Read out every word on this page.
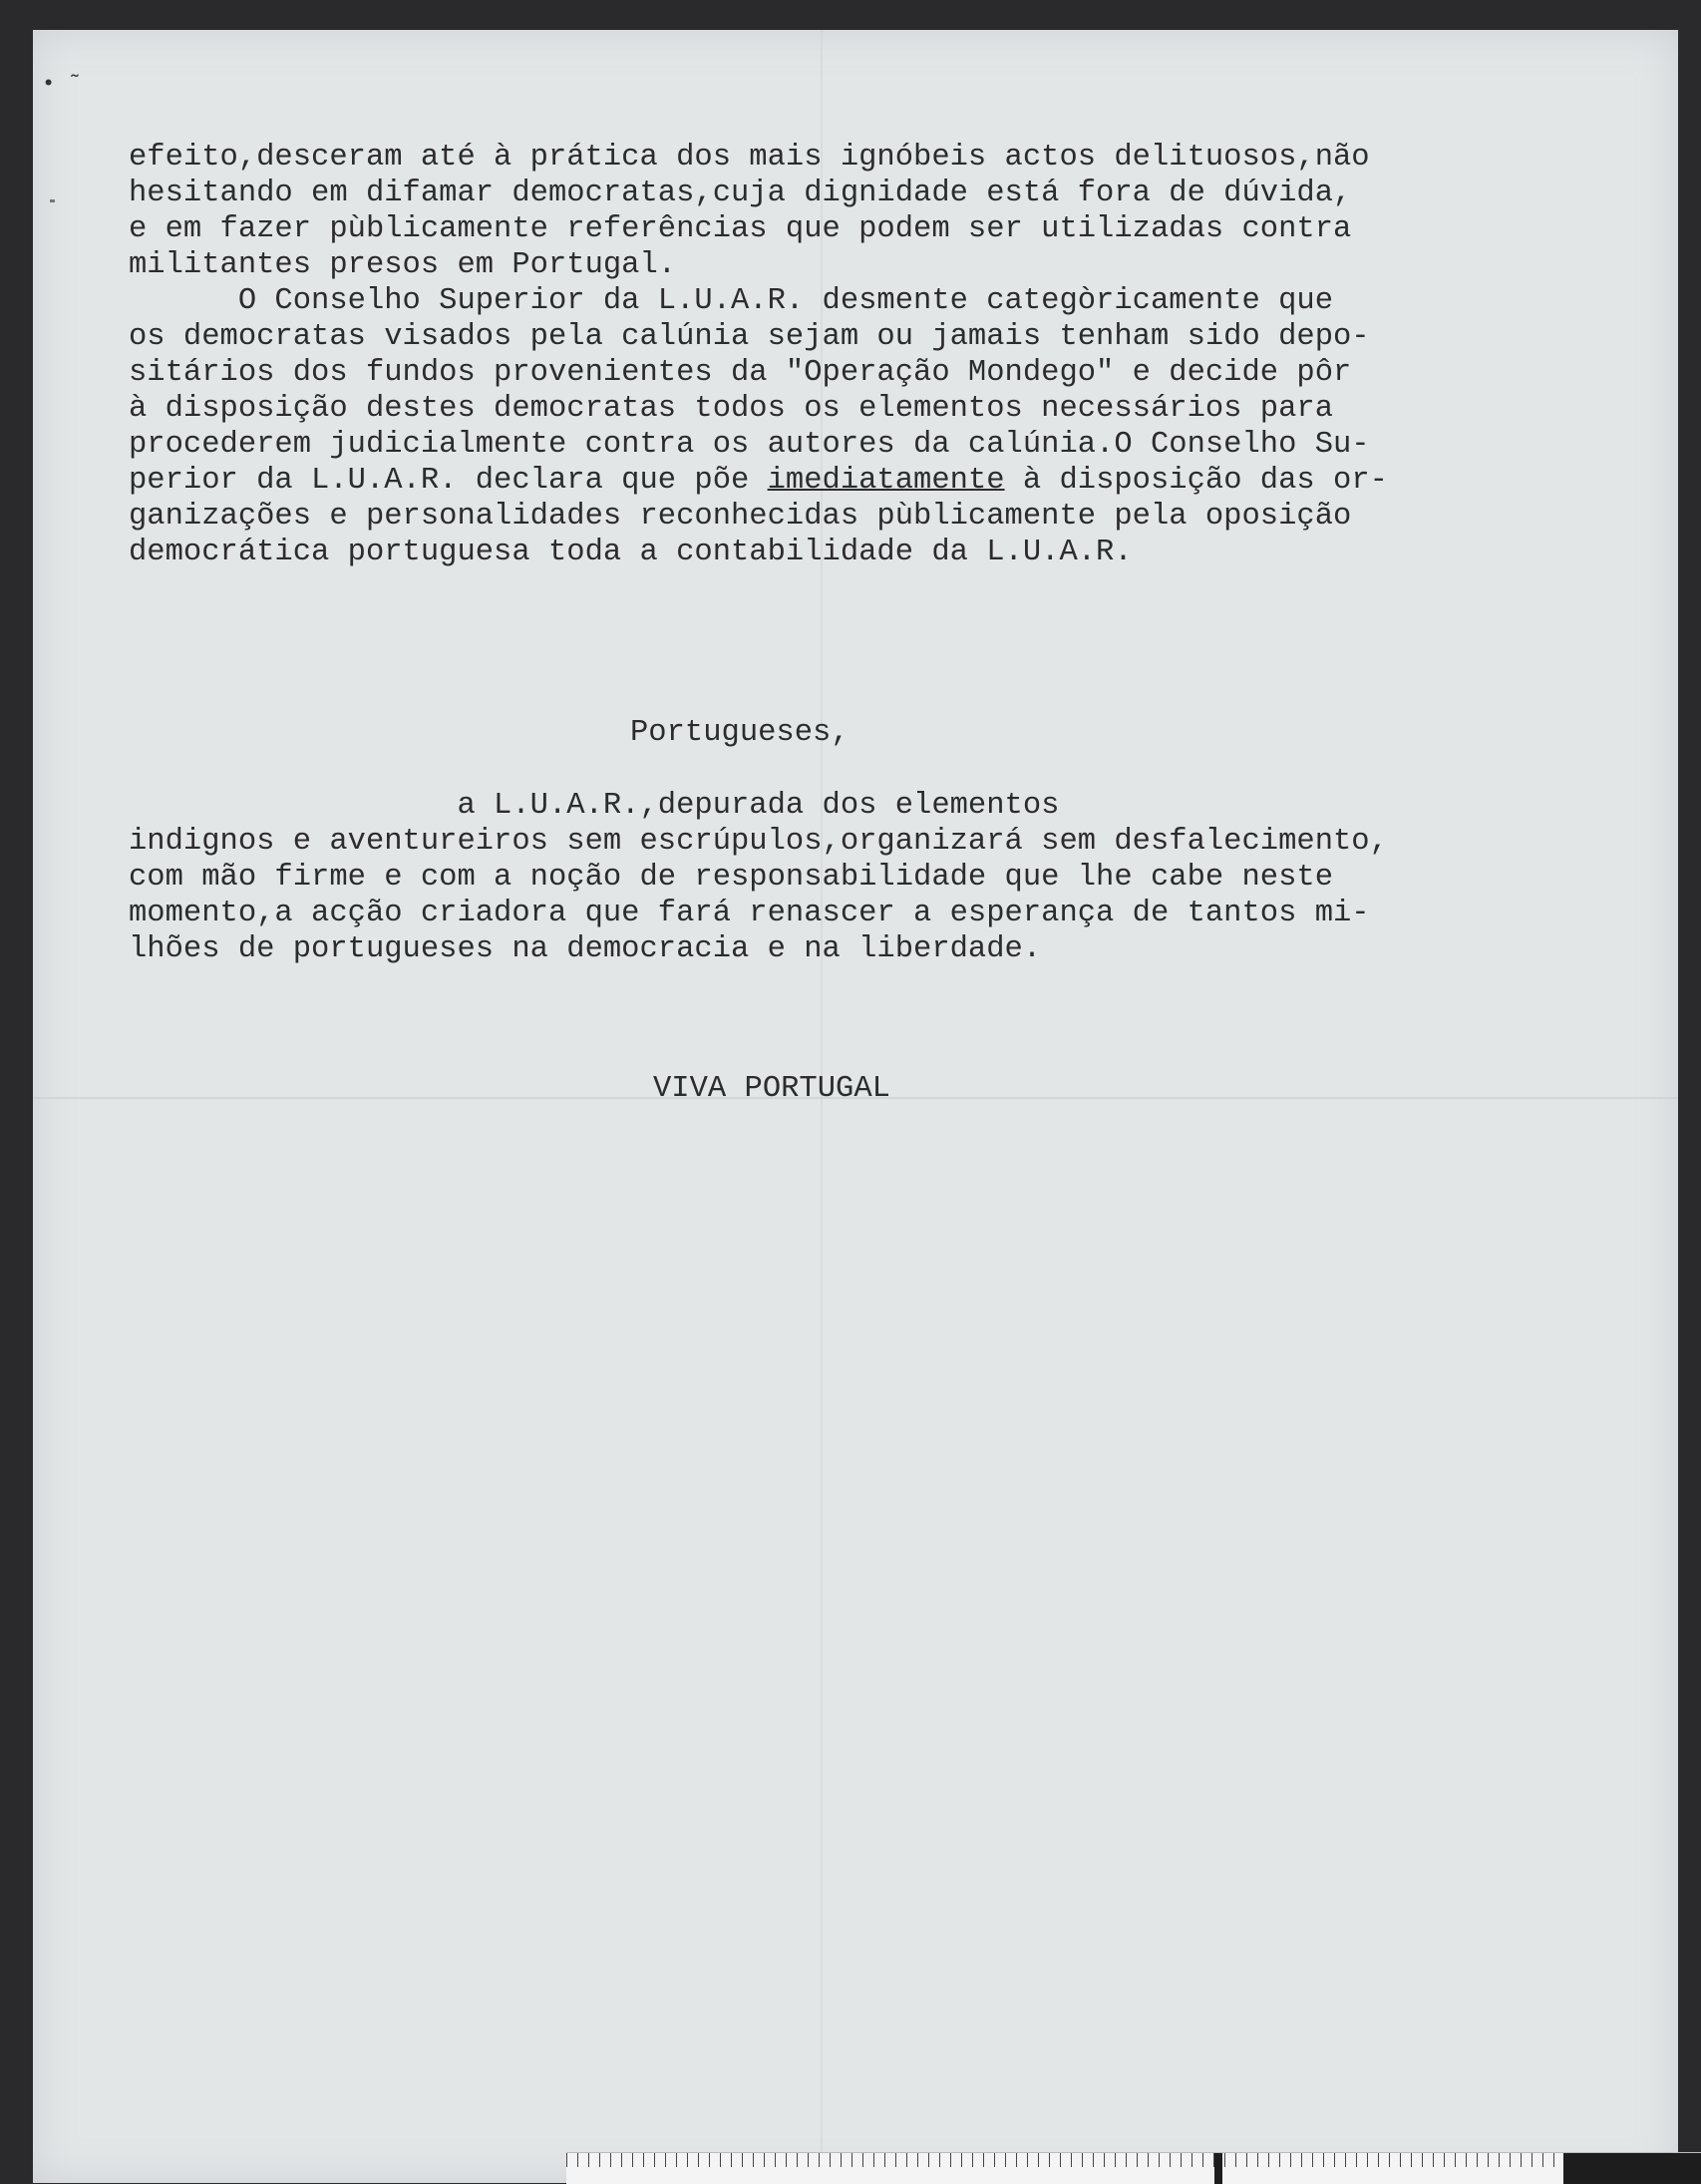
• ˜
efeito,desceram até à prática dos mais ignóbeis actos delituosos,não
hesitando em difamar democratas,cuja dignidade está fora de dúvida,
e em fazer pùblicamente referências que podem ser utilizadas contra
militantes presos em Portugal.
O Conselho Superior da L.U.A.R. desmente categòricamente que
os democratas visados pela calúnia sejam ou jamais tenham sido depo-
sitários dos fundos provenientes da "Operação Mondego" e decide pôr
à disposição destes democratas todos os elementos necessários para
procederem judicialmente contra os autores da calúnia.O Conselho Su-
perior da L.U.A.R. declara que põe imediatamente à disposição das or-
ganizações e personalidades reconhecidas pùblicamente pela oposição
democrática portuguesa toda a contabilidade da L.U.A.R.
Portugueses,
a L.U.A.R.,depurada dos elementos
indignos e aventureiros sem escrúpulos,organizará sem desfalecimento,
com mão firme e com a noção de responsabilidade que lhe cabe neste
momento,a acção criadora que fará renascer a esperança de tantos mi-
lhões de portugueses na democracia e na liberdade.
VIVA PORTUGAL
